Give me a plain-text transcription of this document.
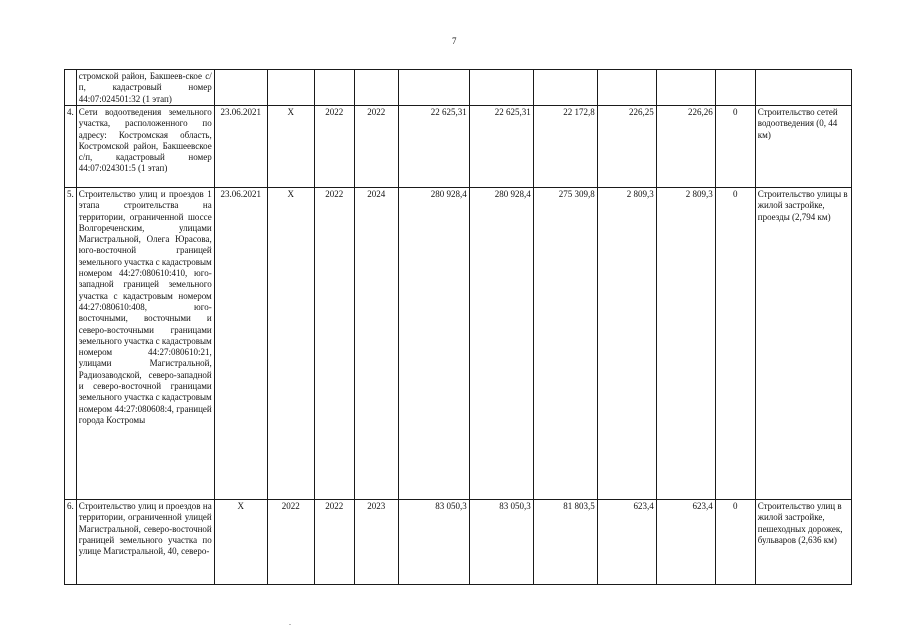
7
	стромской район, Бакшеев-ское с/п, кадастровый номер 44:07:024501:32 (1 этап)											
4.	Сети водоотведения земельного участка, расположенного по адресу: Костромская область, Костромской район, Бакшеевское с/п, кадастровый номер 44:07:024301:5 (1 этап)	23.06.2021	Х	2022	2022	22 625,31	22 625,31	22 172,8	226,25	226,26	0	Строительство сетей водоотведения (0, 44 км)
5.	Строительство улиц и проездов 1 этапа строительства на территории, ограниченной шоссе Волгореченским, улицами Магистральной, Олега Юрасова, юго-восточной границей земельного участка с кадастровым номером 44:27:080610:410, юго-западной границей земельного участка с кадастровым номером 44:27:080610:408, юго-восточными, восточными и северо-восточными границами земельного участка с кадастровым номером 44:27:080610:21, улицами Магистральной, Радиозаводской, северо-западной и северо-восточной границами земельного участка с кадастровым номером 44:27:080608:4, границей города Костромы	23.06.2021	Х	2022	2024	280 928,4	280 928,4	275 309,8	2 809,3	2 809,3	0	Строительство улицы в жилой застройке, проезды (2,794 км)
6.	Строительство улиц и проездов на территории, ограниченной улицей Магистральной, северо-восточной границей земельного участка по улице Магистральной, 40, северо-	Х	2022	2022	2023	83 050,3	83 050,3	81 803,5	623,4	623,4	0	Строительство улиц в жилой застройке, пешеходных дорожек, бульваров (2,636 км)
